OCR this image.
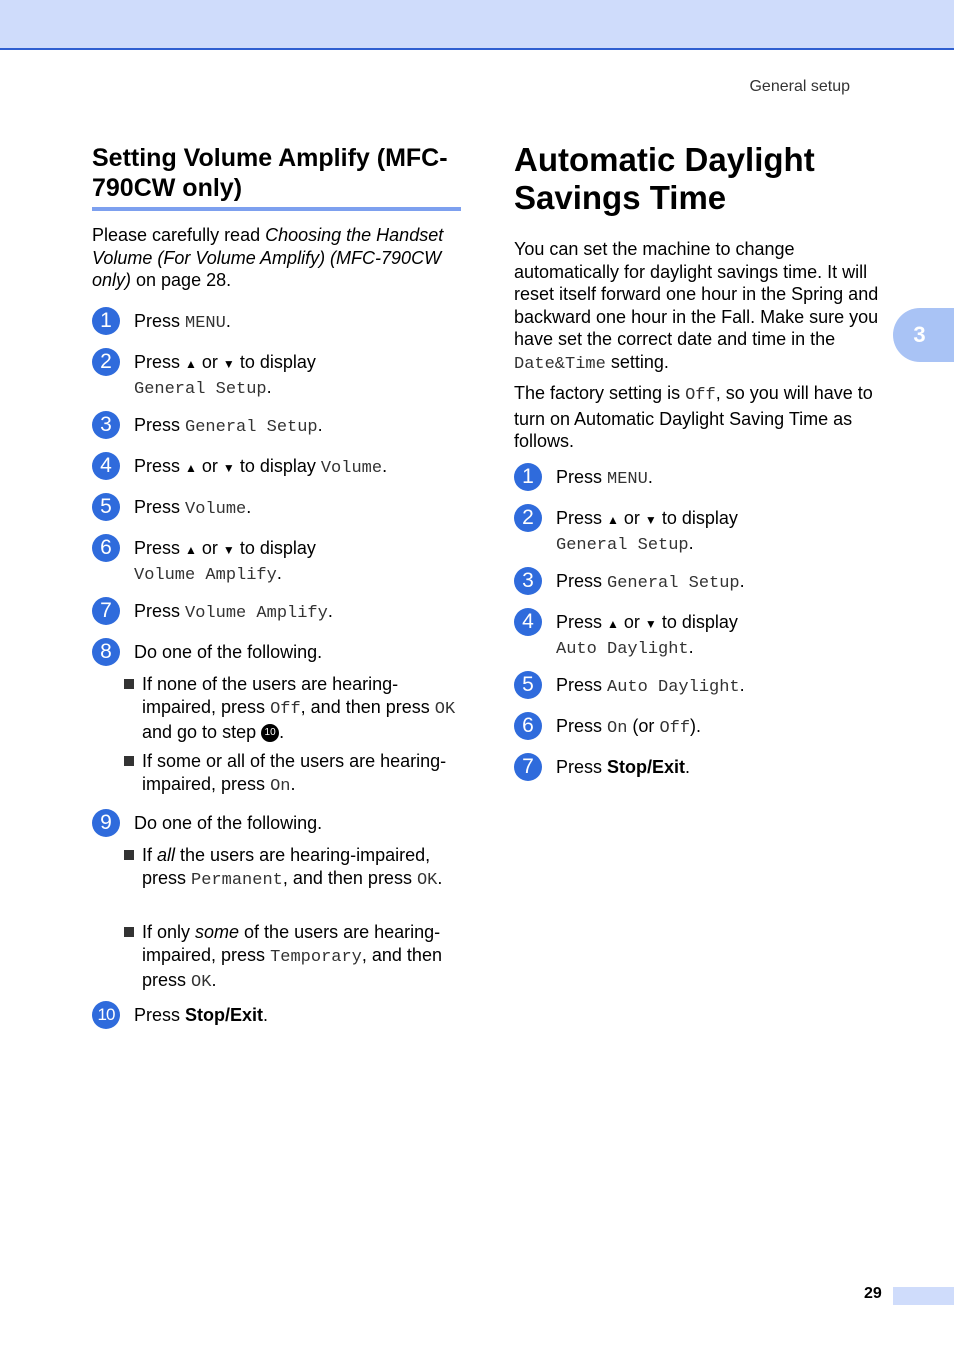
General setup
3
Setting Volume Amplify (MFC-790CW only)
Please carefully read Choosing the Handset Volume (For Volume Amplify) (MFC-790CW only) on page 28.
1	Press MENU.
2	Press ▲ or ▼ to display
General Setup.
3	Press General Setup.
4	Press ▲ or ▼ to display Volume.
5	Press Volume.
6	Press ▲ or ▼ to display
Volume Amplify.
7	Press Volume Amplify.
8	Do one of the following.
If none of the users are hearing-impaired, press Off, and then press OK and go to step 10 .
If some or all of the users are hearing-impaired, press On.
9	Do one of the following.
If all the users are hearing-impaired, press Permanent, and then press OK.
If only some of the users are hearing-impaired, press Temporary, and then press OK.
10	Press Stop/Exit.
Automatic Daylight Savings Time
You can set the machine to change automatically for daylight savings time. It will reset itself forward one hour in the Spring and backward one hour in the Fall. Make sure you have set the correct date and time in the Date&Time setting.
The factory setting is Off, so you will have to turn on Automatic Daylight Saving Time as follows.
1	Press MENU.
2	Press ▲ or ▼ to display
General Setup.
3	Press General Setup.
4	Press ▲ or ▼ to display
Auto Daylight.
5	Press Auto Daylight.
6	Press On (or Off).
7	Press Stop/Exit.
29
